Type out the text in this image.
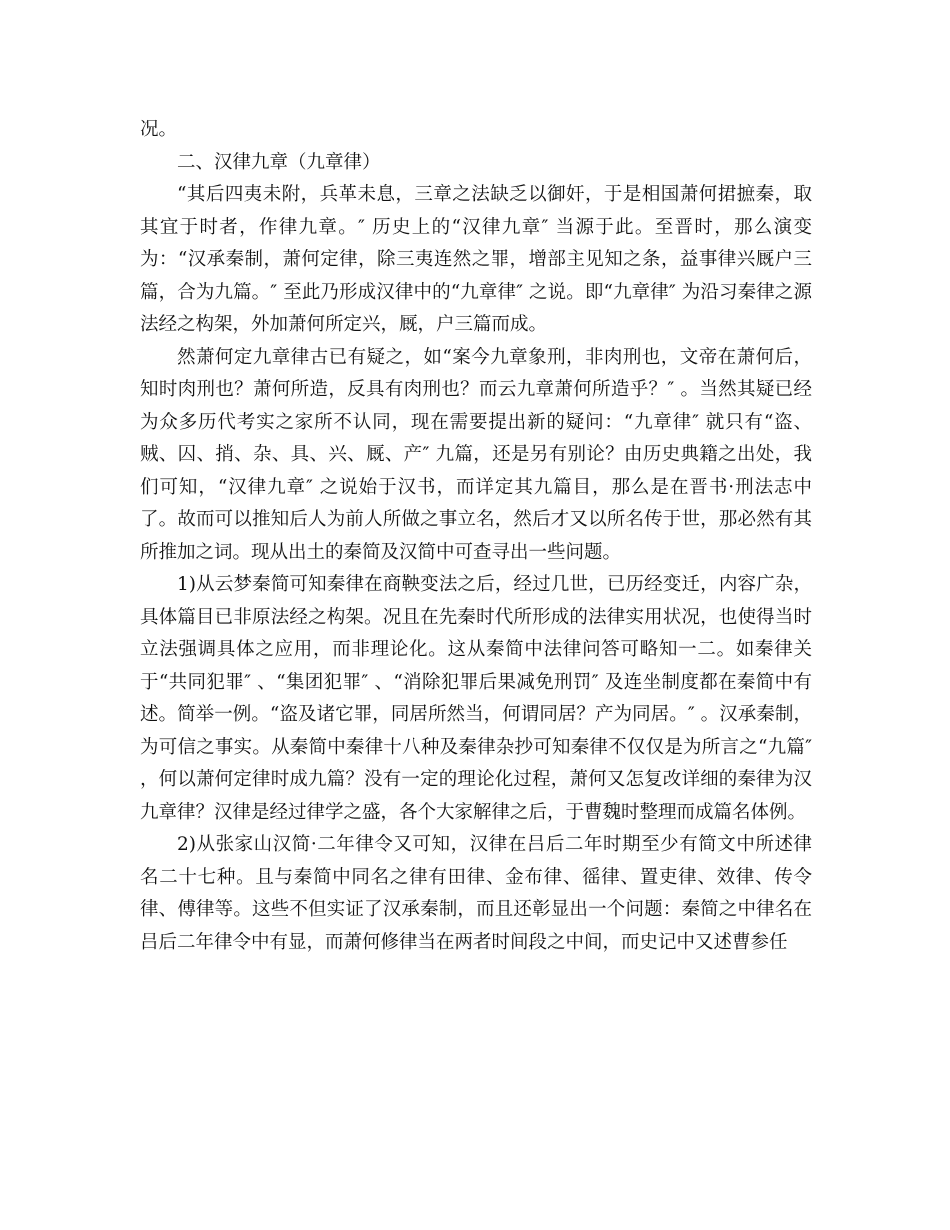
况。

二、汉律九章（九章律）

“其后四夷未附，兵革未息，三章之法缺乏以御奸，于是相国萧何捃摭秦，取其宜于时者，作律九章。″ 历史上的“汉律九章″ 当源于此。至晋时，那么演变为：“汉承秦制，萧何定律，除三夷连然之罪，增部主见知之条，益事律兴厩户三篇，合为九篇。″ 至此乃形成汉律中的“九章律″ 之说。即“九章律″ 为沿习秦律之源法经之构架，外加萧何所定兴，厩，户三篇而成。

然萧何定九章律古已有疑之，如“案今九章象刑，非肉刑也，文帝在萧何后，知时肉刑也？萧何所造，反具有肉刑也？而云九章萧何所造乎？″ 。当然其疑已经为众多历代考实之家所不认同，现在需要提出新的疑问：“九章律″ 就只有“盗、贼、囚、捎、杂、具、兴、厩、产″ 九篇，还是另有别论？由历史典籍之出处，我们可知，“汉律九章″ 之说始于汉书，而详定其九篇目，那么是在晋书·刑法志中了。故而可以推知后人为前人所做之事立名，然后才又以所名传于世，那必然有其所推加之词。现从出土的秦简及汉简中可查寻出一些问题。

1)从云梦秦简可知秦律在商鞅变法之后，经过几世，已历经变迁，内容广杂，具体篇目已非原法经之构架。况且在先秦时代所形成的法律实用状况，也使得当时立法强调具体之应用，而非理论化。这从秦简中法律问答可略知一二。如秦律关于“共同犯罪″ 、“集团犯罪″ 、“消除犯罪后果减免刑罚″ 及连坐制度都在秦简中有述。简举一例。“盗及诸它罪，同居所然当，何谓同居？产为同居。″ 。汉承秦制，为可信之事实。从秦简中秦律十八种及秦律杂抄可知秦律不仅仅是为所言之“九篇″ ，何以萧何定律时成九篇？没有一定的理论化过程，萧何又怎复改详细的秦律为汉九章律？汉律是经过律学之盛，各个大家解律之后，于曹魏时整理而成篇名体例。

2)从张家山汉简·二年律令又可知，汉律在吕后二年时期至少有简文中所述律名二十七种。且与秦简中同名之律有田律、金布律、徭律、置吏律、效律、传令律、傅律等。这些不但实证了汉承秦制，而且还彰显出一个问题：秦简之中律名在吕后二年律令中有显，而萧何修律当在两者时间段之中间，而史记中又述曹参任
